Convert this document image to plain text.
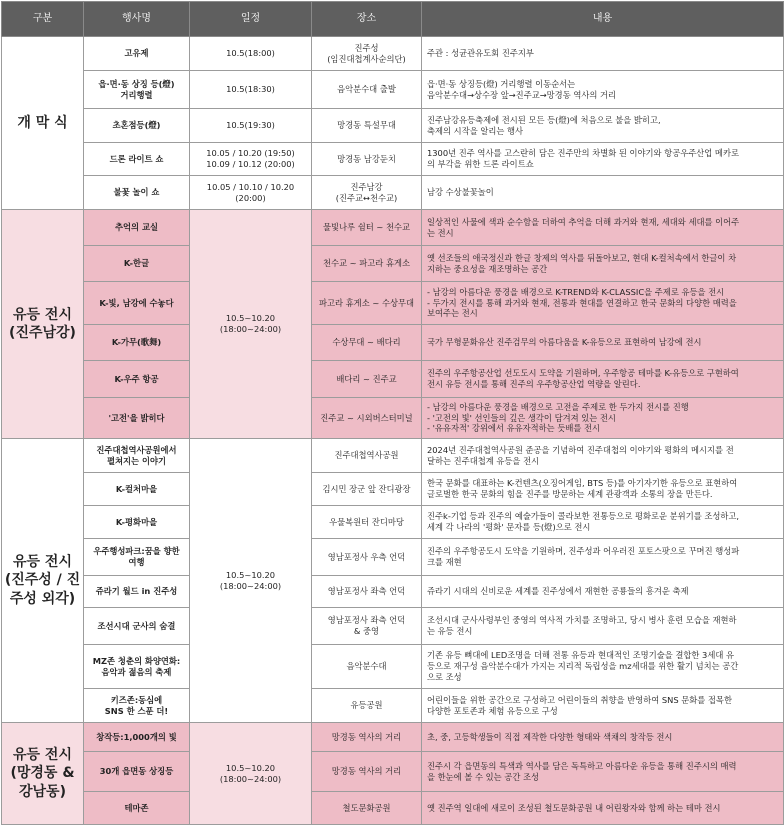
구분	행사명	일정	장소	내용

개 막 식	고유제	10.5(18:00)	진주성
(임진대첩계사순의단)	주관 : 성균관유도회 진주지부

	읍·면·동 상징 등(燈)
거리행렬	10.5(18:30)	음악분수대 출발	읍·면·동 상징등(燈) 거리행렬 이동순서는
음악분수대→상수장 앞→진주교→망경동 역사의 거리

	초혼점등(燈)	10.5(19:30)	망경동 특설무대	진주남강유등축제에 전시된 모든 등(燈)에 처음으로 불을 밝히고,
축제의 시작을 알리는 행사

	드론 라이트 쇼	10.05 / 10.20 (19:50)
10.09 / 10.12 (20:00)	망경동 남강둔치	1300년 진주 역사를 고스란히 담은 진주만의 차별화 된 이야기와 항공우주산업 메카로
의 부각을 위한 드론 라이트쇼

	불꽃 놀이 쇼	10.05 / 10.10 / 10.20
(20:00)	진주남강
(진주교↔천수교)	남강 수상불꽃놀이

유등 전시
(진주남강)	추억의 교실	10.5~10.20
(18:00~24:00)	물빛나루 쉼터 ~ 천수교	일상적인 사물에 색과 순수함을 더하여 추억을 더해 과거와 현재, 세대와 세대를 이어주
는 전시

	K-한글		천수교 ~ 파고라 휴게소	옛 선조들의 애국정신과 한글 창제의 역사를 뒤돌아보고, 현대 K-컬처속에서 한글이 차
지하는 중요성을 재조명하는 공간

	K-빛, 남강에 수놓다		파고라 휴게소 ~ 수상무대	- 남강의 아름다운 풍경을 배경으로 K-TREND와 K-CLASSIC을 주제로 유등을 전시
- 두가지 전시를 통해 과거와 현재, 전통과 현대를 연결하고 한국 문화의 다양한 매력을
보여주는 전시

	K-가무(歌舞)		수상무대 ~ 배다리	국가 무형문화유산 진주검무의 아름다움을 K-유등으로 표현하여 남강에 전시

	K-우주 항공		배다리 ~ 진주교	진주의 우주항공산업 선도도시 도약을 기원하며, 우주항공 테마를 K-유등으로 구현하여
전시 유등 전시를 통해 진주의 우주항공산업 역량을 알린다.

	'고전'을 밝히다		진주교 ~ 시외버스터미널	- 남강의 아름다운 풍경을 배경으로 고전을 주제로 한 두가지 전시를 진행
- '고전의 빛' 선인들의 깊은 생각이 담겨져 있는 전시
- '유유자적' 강위에서 유유자적하는 듯배를 전시

유등 전시
(진주성 / 진
주성 외각)	진주대첩역사공원에서
펼쳐지는 이야기	10.5~10.20
(18:00~24:00)	진주대첩역사공원	2024년 진주대첩역사공원 준공을 기념하여 진주대첩의 이야기와 평화의 메시지를 전
달하는 진주대첩계 유등을 전시

	K-컬처마을		김시민 장군 앞 잔디광장	한국 문화를 대표하는 K-컨텐츠(오징어게임, BTS 등)를 아기자기한 유등으로 표현하여
글로벌한 한국 문화의 힘을 진주를 방문하는 세계 관광객과 소통의 장을 만든다.

	K-평화마을		우물복원터 잔디마당	진주k-기업 등과 진주의 예술가들이 콜라보한 전통등으로 평화로운 분위기를 조성하고,
세계 각 나라의 '평화' 문자를 등(燈)으로 전시

	우주행성파크:꿈을 향한
여행		영남포정사 우측 언덕	진주의 우주항공도시 도약을 기원하며, 진주성과 어우러진 포토스팟으로 꾸며진 행성파
크를 재현

	쥬라기 월드 in 진주성		영남포정사 좌측 언덕	쥬라기 시대의 신비로운 세계를 진주성에서 재현한 공룡들의 흥겨운 축제

	조선시대 군사의 숨결		영남포정사 좌측 언덕
& 중영	조선시대 군사사령부인 중영의 역사적 가치를 조명하고, 당시 병사 훈련 모습을 재현하
는 유등 전시

	MZ존 청춘의 화양연화:
음악과 젊음의 축제		음악분수대	기존 유등 뼈대에 LED조명을 더해 전통 유등과 현대적인 조명기술을 결합한 3세대 유
등으로 재구성 음악분수대가 가지는 지리적 독립성을 mz세대를 위한 활기 넘치는 공간
으로 조성

	키즈존:동심에
SNS 한 스푼 더!		유등공원	어린이들을 위한 공간으로 구성하고 어린이들의 취향을 반영하여 SNS 문화를 접목한
다양한 포토존과 체험 유등으로 구성

유등 전시
(망경동 &
강남동)	창작등:1,000개의 빛	10.5~10.20
(18:00~24:00)	망경동 역사의 거리	초, 중, 고등학생들이 직접 제작한 다양한 형태와 색채의 창작등 전시

	30개 읍면동 상징등		망경동 역사의 거리	진주시 각 읍면동의 특색과 역사를 담은 독특하고 아름다운 유등을 통해 진주시의 매력
을 한눈에 볼 수 있는 공간 조성

	테마존		철도문화공원	옛 진주역 일대에 새로이 조성된 철도문화공원 내 어린왕자와 함께 하는 테마 전시
